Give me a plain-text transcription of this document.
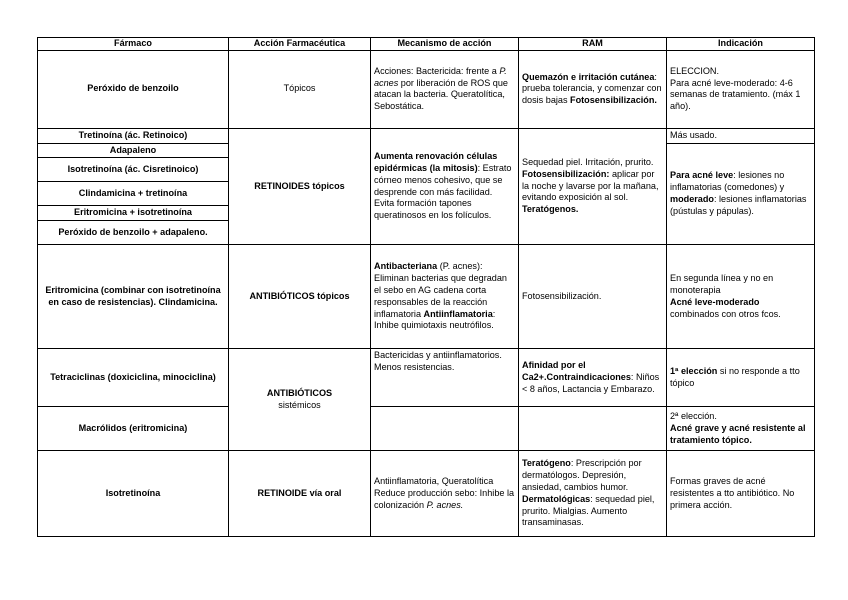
Fármaco	Acción Farmacéutica	Mecanismo de acción	RAM	Indicación
Peróxido de benzoilo	Tópicos	Acciones: Bactericida: frente a P. acnes por liberación de ROS que atacan la bacteria. Queratolítica, Sebostática.	Quemazón e irritación cutánea: prueba tolerancia, y comenzar con dosis bajas Fotosensibilización.	ELECCION.
Para acné leve-moderado: 4-6 semanas de tratamiento. (máx 1 año).

Tretinoína (ác. Retinoico)	RETINOIDES tópicos	Aumenta renovación células epidérmicas (la mitosis): Estrato córneo menos cohesivo, que se desprende con más facilidad. Evita formación tapones queratinosos en los folículos.	Sequedad piel. Irritación, prurito. Fotosensibilización: aplicar por la noche y lavarse por la mañana, evitando exposición al sol. Teratógenos.	Más usado.
Adapaleno				Para acné leve: lesiones no inflamatorias (comedones) y moderado: lesiones inflamatorias (pústulas y pápulas).
Isotretinoína (ác. Cisretinoico)				
Clindamicina + tretinoína				
Eritromicina + isotretinoína				
Peróxido de benzoilo + adapaleno.				
Eritromicina (combinar con isotretinoína en caso de resistencias). Clindamicina.	ANTIBIÓTICOS tópicos	Antibacteriana (P. acnes): Eliminan bacterias que degradan el sebo en AG cadena corta responsables de la reacción inflamatoria Antiinflamatoria: Inhibe quimiotaxis neutrófilos.	Fotosensibilización.	En segunda línea y no en monoterapia
Acné leve-moderado
combinados con otros fcos.

Tetraciclinas (doxiciclina, minociclina)	ANTIBIÓTICOS
sistémicos	Bactericidas y antiinflamatorios. Menos resistencias.	Afinidad por el Ca2+.Contraindicaciones: Niños < 8 años, Lactancia y Embarazo.	1ª elección si no responde a tto tópico
Macrólidos (eritromicina)				2ª elección.
Acné grave y acné resistente al tratamiento tópico.
Isotretinoína	RETINOIDE vía oral	Antiinflamatoria, Queratolítica Reduce producción sebo: Inhibe la colonización P. acnes.	Teratógeno: Prescripción por dermatólogos. Depresión, ansiedad, cambios humor. Dermatológicas: sequedad piel, prurito. Mialgias. Aumento transaminasas.	Formas graves de acné resistentes a tto antibiótico. No primera acción.
